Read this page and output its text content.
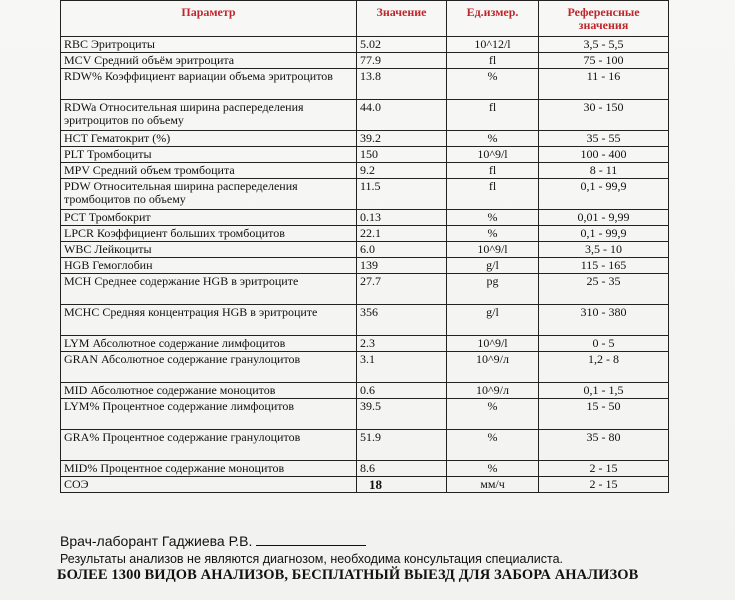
Параметр	Значение	Ед.измер.	Референсные значения
RBC Эритроциты	5.02	10^12/l	3,5 - 5,5
MCV Средний объём эритроцита	77.9	fl	75 - 100
RDW% Коэффициент вариации объема эритроцитов	13.8	%	11 - 16
RDWa Относительная ширина распеределения эритроцитов по объему	44.0	fl	30 - 150
HCT Гематокрит (%)	39.2	%	35 - 55
PLT Тромбоциты	150	10^9/l	100 - 400
MPV Средний объем тромбоцита	9.2	fl	8 - 11
PDW Относительная ширина распеределения тромбоцитов по объему	11.5	fl	0,1 - 99,9
PCT Тромбокрит	0.13	%	0,01 - 9,99
LPCR Коэффициент больших тромбоцитов	22.1	%	0,1 - 99,9
WBC Лейкоциты	6.0	10^9/l	3,5 - 10
HGB Гемоглобин	139	g/l	115 - 165
MCH Среднее содержание HGB в эритроците	27.7	pg	25 - 35
MCHC Средняя концентрация HGB в эритроците	356	g/l	310 - 380
LYM Абсолютное содержание лимфоцитов	2.3	10^9/l	0 - 5
GRAN Абсолютное содержание гранулоцитов	3.1	10^9/л	1,2 - 8
MID Абсолютное содержание моноцитов	0.6	10^9/л	0,1 - 1,5
LYM% Процентное содержание лимфоцитов	39.5	%	15 - 50
GRA% Процентное содержание гранулоцитов	51.9	%	35 - 80
MID% Процентное содержание моноцитов	8.6	%	2 - 15
СОЭ	18	мм/ч	2 - 15
Врач-лаборант Гаджиева Р.В.
Результаты анализов не являются диагнозом, необходима консультация специалиста.
БОЛЕЕ 1300 ВИДОВ АНАЛИЗОВ, БЕСПЛАТНЫЙ ВЫЕЗД ДЛЯ ЗАБОРА АНАЛИЗОВ
